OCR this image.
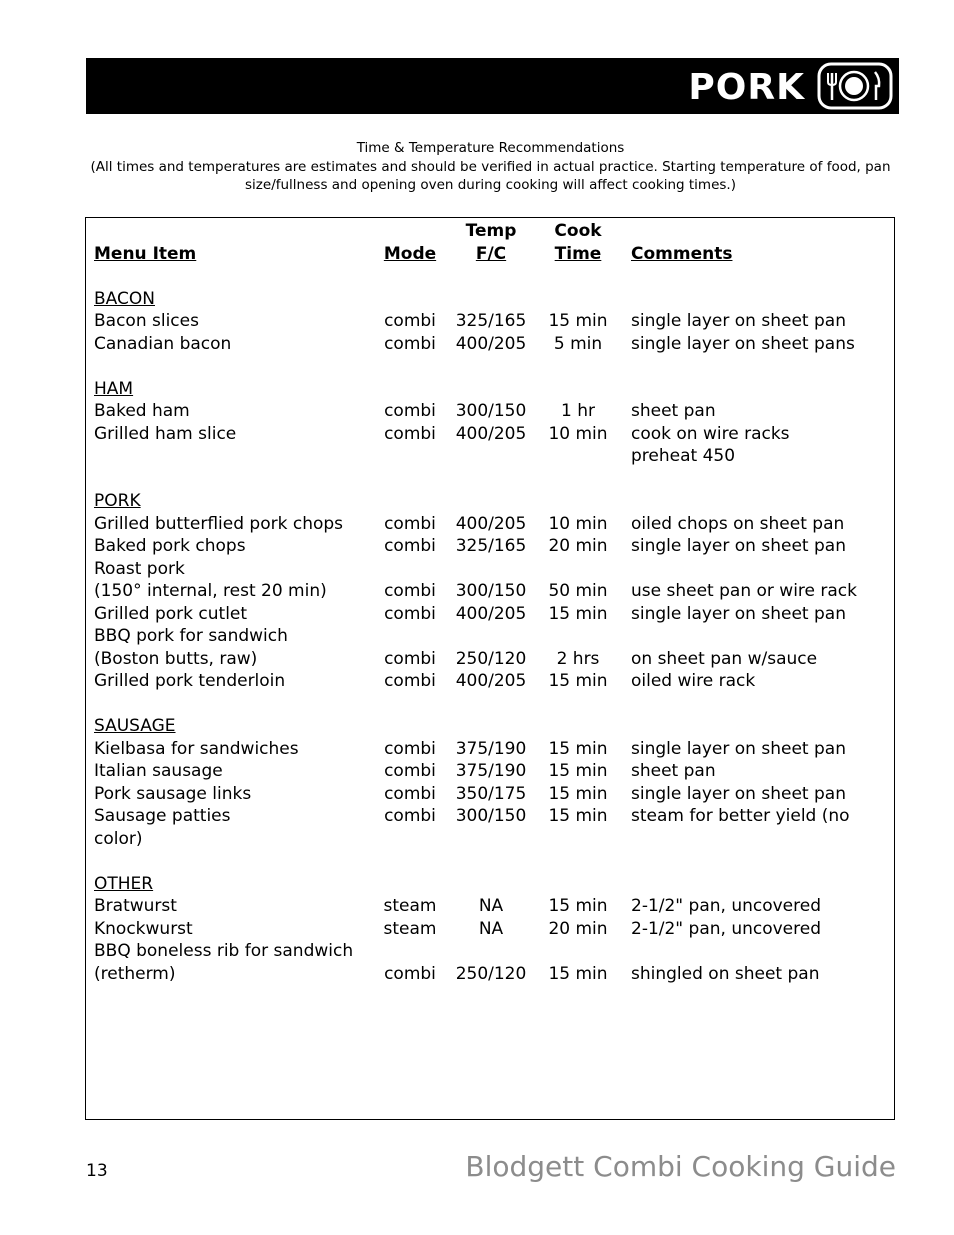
PORK
Time & Temperature Recommendations
(All times and temperatures are estimates and should be verified in actual practice. Starting temperature of food, pan size/fullness and opening oven during cooking will affect cooking times.)
Temp	Cook
Menu Item	Mode	F/C	Time	Comments
BACON
Bacon slices	combi	325/165	15 min	single layer on sheet pan
Canadian bacon	combi	400/205	5 min	single layer on sheet pans
HAM
Baked ham	combi	300/150	1 hr	sheet pan
Grilled ham slice	combi	400/205	10 min	cook on wire racks
preheat 450
PORK
Grilled butterflied pork chops	combi	400/205	10 min	oiled chops on sheet pan
Baked pork chops	combi	325/165	20 min	single layer on sheet pan
Roast pork
(150° internal, rest 20 min)	combi	300/150	50 min	use sheet pan or wire rack
Grilled pork cutlet	combi	400/205	15 min	single layer on sheet pan
BBQ pork for sandwich
(Boston butts, raw)	combi	250/120	2 hrs	on sheet pan w/sauce
Grilled pork tenderloin	combi	400/205	15 min	oiled wire rack
SAUSAGE
Kielbasa for sandwiches	combi	375/190	15 min	single layer on sheet pan
Italian sausage	combi	375/190	15 min	sheet pan
Pork sausage links	combi	350/175	15 min	single layer on sheet pan
Sausage patties	combi	300/150	15 min	steam for better yield (no
color)
OTHER
Bratwurst	steam	NA	15 min	2-1/2" pan, uncovered
Knockwurst	steam	NA	20 min	2-1/2" pan, uncovered
BBQ boneless rib for sandwich
(retherm)	combi	250/120	15 min	shingled on sheet pan
13	Blodgett Combi Cooking Guide
